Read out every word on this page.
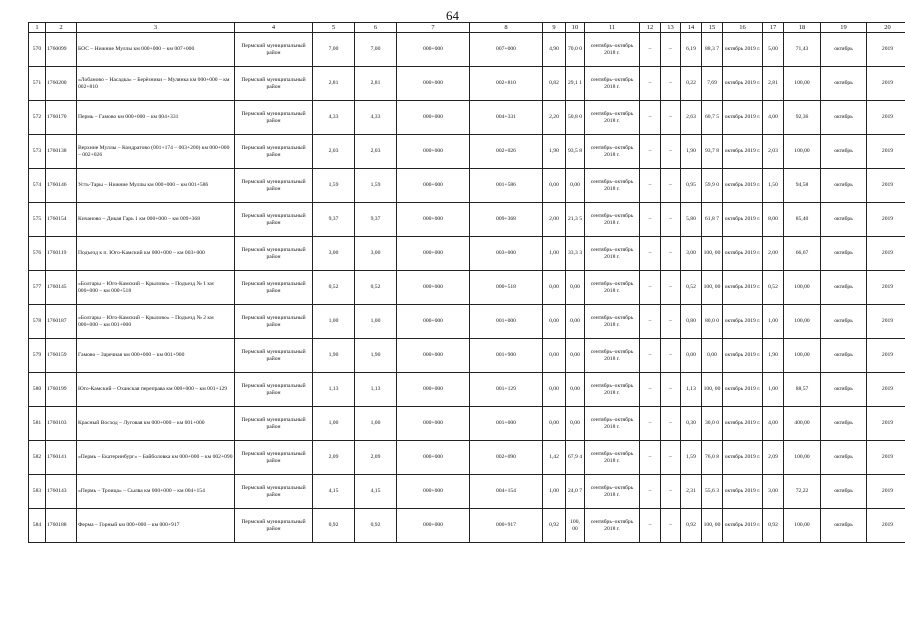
64
1	2	3	4	5	6	7	8	9	10	11	12	13	14	15	16	17	18	19	20
570	1760099	БОС – Нижние Муллы км 000+000 – км 007+000	Пермский муниципальный район	7,00	7,00	000+000	007+000	4,90	70,0 0	сентябрь–октябрь 2018 г.	–	–	6,19	88,3 7	октябрь 2019 г.	5,00	71,43	октябрь	2019
571	1760200	«Лобаново – Насадка» – Берёзники – Мулянка км 000+000 – км 002+810	Пермский муниципальный район	2,81	2,81	000+000	002+810	0,82	29,1 1	сентябрь–октябрь 2018 г.	–	–	0,22	7,69	октябрь 2019 г.	2,81	100,00	октябрь	2019
572	1760170	Пермь – Гамово км 000+000 – км 004+331	Пермский муниципальный район	4,33	4,33	000+000	004+331	2,20	50,8 0	сентябрь–октябрь 2018 г.	–	–	2,63	60,7 5	октябрь 2019 г.	4,00	92,36	октябрь	2019
573	1760138	Верхние Муллы – Кондратово (001+174 – 003+200) км 000+000 – 002+026	Пермский муниципальный район	2,03	2,03	000+000	002+026	1,90	93,5 8	сентябрь–октябрь 2018 г.	–	–	1,90	93,7 8	октябрь 2019 г.	2,03	100,00	октябрь	2019
574	1760146	Усть-Тары – Нижние Муллы км 000+000 – км 001+586	Пермский муниципальный район	1,59	1,59	000+000	001+586	0,00	0,00	сентябрь–октябрь 2018 г.	–	–	0,95	59,9 0	октябрь 2019 г.	1,50	94,58	октябрь	2019
575	1760154	Кичаново – Дикая Гарь 1 км 000+000 – км 009+368	Пермский муниципальный район	9,37	9,37	000+000	009+368	2,00	21,3 5	сентябрь–октябрь 2018 г.	–	–	5,80	61,8 7	октябрь 2019 г.	8,00	85,40	октябрь	2019
576	1760119	Подъезд к п. Юго-Камский км 000+000 – км 003+000	Пермский муниципальный район	3,00	3,00	000+000	003+000	1,00	33,3 3	сентябрь–октябрь 2018 г.	–	–	3,00	100, 00	октябрь 2019 г.	2,00	66,67	октябрь	2019
577	1760145	«Болгары – Юго-Камский – Крылово» – Подъезд № 1 км 000+000 – км 000+518	Пермский муниципальный район	0,52	0,52	000+000	000+518	0,00	0,00	сентябрь–октябрь 2018 г.	–	–	0,52	100, 00	октябрь 2019 г.	0,52	100,00	октябрь	2019
578	1760187	«Болгары – Юго-Камский – Крылово» – Подъезд № 2 км 000+000 – км 001+000	Пермский муниципальный район	1,00	1,00	000+000	001+000	0,00	0,00	сентябрь–октябрь 2018 г.	–	–	0,80	80,0 0	октябрь 2019 г.	1,00	100,00	октябрь	2019
579	1760159	Гамово – Заречная км 000+000 – км 001+900	Пермский муниципальный район	1,90	1,90	000+000	001+900	0,00	0,00	сентябрь–октябрь 2018 г.	–	–	0,00	0,00	октябрь 2019 г.	1,90	100,00	октябрь	2019
580	1760199	Юго-Камский – Оханская переправа км 000+000 – км 001+129	Пермский муниципальный район	1,13	1,13	000+000	001+129	0,00	0,00	сентябрь–октябрь 2018 г.	–	–	1,13	100, 00	октябрь 2019 г.	1,00	88,57	октябрь	2019
581	1760103	Красный Восход – Луговая км 000+000 – км 001+000	Пермский муниципальный район	1,00	1,00	000+000	001+000	0,00	0,00	сентябрь–октябрь 2018 г.	–	–	0,30	30,0 0	октябрь 2019 г.	4,00	400,00	октябрь	2019
582	1760141	«Пермь – Екатеринбург» – Байболовка км 000+000 – км 002+090	Пермский муниципальный район	2,09	2,09	000+000	002+090	1,42	67,9 4	сентябрь–октябрь 2018 г.	–	–	1,59	76,0 8	октябрь 2019 г.	2,09	100,00	октябрь	2019
583	1760143	«Пермь – Троица» – Сылва км 000+000 – км 004+154	Пермский муниципальный район	4,15	4,15	000+000	004+154	1,00	24,0 7	сентябрь–октябрь 2018 г.	–	–	2,31	55,6 3	октябрь 2019 г.	3,00	72,22	октябрь	2019
584	1760188	Ферма – Горный км 000+000 – км 000+917	Пермский муниципальный район	0,92	0,92	000+000	000+917	0,92	100, 00	сентябрь–октябрь 2018 г.	–	–	0,92	100, 00	октябрь 2019 г.	0,92	100,00	октябрь	2019
